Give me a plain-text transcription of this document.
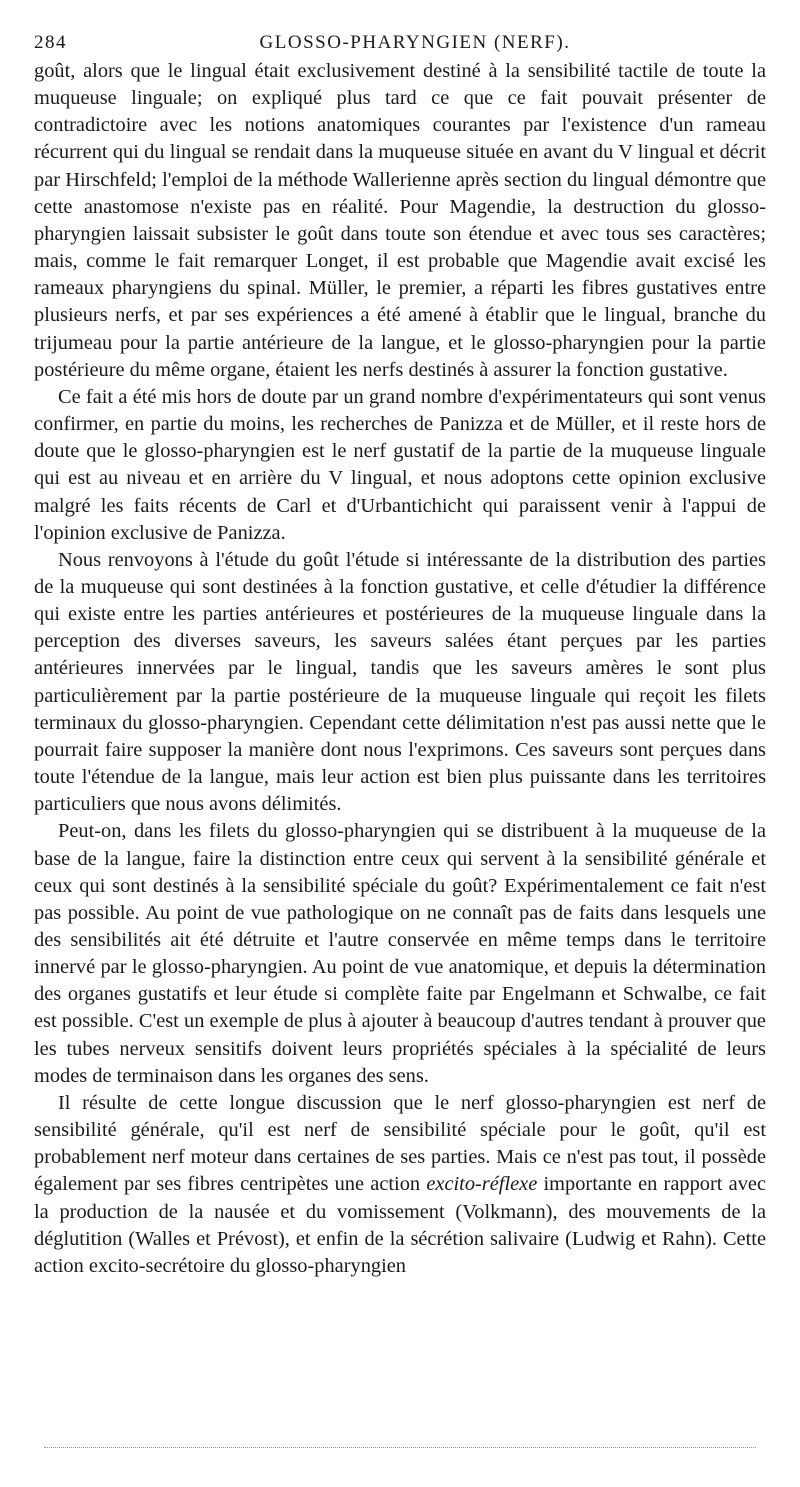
284	GLOSSO-PHARYNGIEN (NERF).

goût, alors que le lingual était exclusivement destiné à la sensibilité tactile de toute la muqueuse linguale; on expliqué plus tard ce que ce fait pouvait présenter de contradictoire avec les notions anatomiques courantes par l'existence d'un rameau récurrent qui du lingual se rendait dans la muqueuse située en avant du V lingual et décrit par Hirschfeld; l'emploi de la méthode Wallerienne après section du lingual démontre que cette anastomose n'existe pas en réalité. Pour Magendie, la destruction du glosso-pharyngien laissait subsister le goût dans toute son étendue et avec tous ses caractères; mais, comme le fait remarquer Longet, il est probable que Magendie avait excisé les rameaux pharyngiens du spinal. Müller, le premier, a réparti les fibres gustatives entre plusieurs nerfs, et par ses expériences a été amené à établir que le lingual, branche du trijumeau pour la partie antérieure de la langue, et le glosso-pharyngien pour la partie postérieure du même organe, étaient les nerfs destinés à assurer la fonction gustative.

Ce fait a été mis hors de doute par un grand nombre d'expérimentateurs qui sont venus confirmer, en partie du moins, les recherches de Panizza et de Müller, et il reste hors de doute que le glosso-pharyngien est le nerf gustatif de la partie de la muqueuse linguale qui est au niveau et en arrière du V lingual, et nous adoptons cette opinion exclusive malgré les faits récents de Carl et d'Urbantichicht qui paraissent venir à l'appui de l'opinion exclusive de Panizza.

Nous renvoyons à l'étude du goût l'étude si intéressante de la distribution des parties de la muqueuse qui sont destinées à la fonction gustative, et celle d'étudier la différence qui existe entre les parties antérieures et postérieures de la muqueuse linguale dans la perception des diverses saveurs, les saveurs salées étant perçues par les parties antérieures innervées par le lingual, tandis que les saveurs amères le sont plus particulièrement par la partie postérieure de la muqueuse linguale qui reçoit les filets terminaux du glosso-pharyngien. Cependant cette délimitation n'est pas aussi nette que le pourrait faire supposer la manière dont nous l'exprimons. Ces saveurs sont perçues dans toute l'étendue de la langue, mais leur action est bien plus puissante dans les territoires particuliers que nous avons délimités.

Peut-on, dans les filets du glosso-pharyngien qui se distribuent à la muqueuse de la base de la langue, faire la distinction entre ceux qui servent à la sensibilité générale et ceux qui sont destinés à la sensibilité spéciale du goût? Expérimentalement ce fait n'est pas possible. Au point de vue pathologique on ne connaît pas de faits dans lesquels une des sensibilités ait été détruite et l'autre conservée en même temps dans le territoire innervé par le glosso-pharyngien. Au point de vue anatomique, et depuis la détermination des organes gustatifs et leur étude si complète faite par Engelmann et Schwalbe, ce fait est possible. C'est un exemple de plus à ajouter à beaucoup d'autres tendant à prouver que les tubes nerveux sensitifs doivent leurs propriétés spéciales à la spécialité de leurs modes de terminaison dans les organes des sens.

Il résulte de cette longue discussion que le nerf glosso-pharyngien est nerf de sensibilité générale, qu'il est nerf de sensibilité spéciale pour le goût, qu'il est probablement nerf moteur dans certaines de ses parties. Mais ce n'est pas tout, il possède également par ses fibres centripètes une action excito-réflexe importante en rapport avec la production de la nausée et du vomissement (Volkmann), des mouvements de la déglutition (Walles et Prévost), et enfin de la sécrétion salivaire (Ludwig et Rahn). Cette action excito-secrétoire du glosso-pharyngien
